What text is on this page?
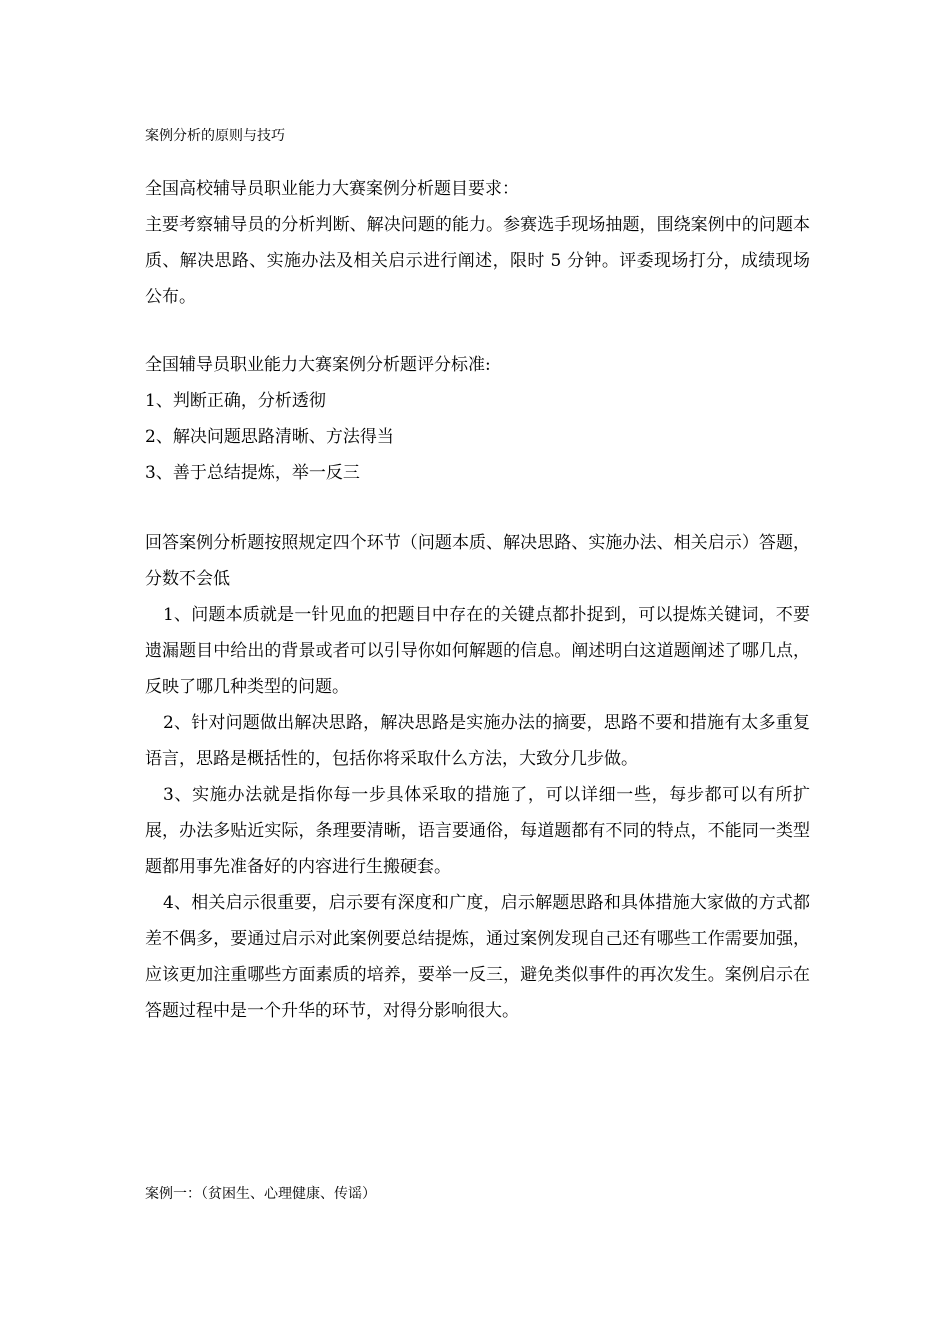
案例分析的原则与技巧

全国高校辅导员职业能力大赛案例分析题目要求：

主要考察辅导员的分析判断、解决问题的能力。参赛选手现场抽题，围绕案例中的问题本质、解决思路、实施办法及相关启示进行阐述，限时 5 分钟。评委现场打分，成绩现场公布。

全国辅导员职业能力大赛案例分析题评分标准:

1、判断正确，分析透彻

2、解决问题思路清晰、方法得当

3、善于总结提炼，举一反三

回答案例分析题按照规定四个环节（问题本质、解决思路、实施办法、相关启示）答题，分数不会低

1、问题本质就是一针见血的把题目中存在的关键点都扑捉到，可以提炼关键词，不要遗漏题目中给出的背景或者可以引导你如何解题的信息。阐述明白这道题阐述了哪几点，反映了哪几种类型的问题。

2、针对问题做出解决思路，解决思路是实施办法的摘要，思路不要和措施有太多重复语言，思路是概括性的，包括你将采取什么方法，大致分几步做。

3、实施办法就是指你每一步具体采取的措施了，可以详细一些，每步都可以有所扩展，办法多贴近实际，条理要清晰，语言要通俗，每道题都有不同的特点，不能同一类型题都用事先准备好的内容进行生搬硬套。

4、相关启示很重要，启示要有深度和广度，启示解题思路和具体措施大家做的方式都差不偶多，要通过启示对此案例要总结提炼，通过案例发现自己还有哪些工作需要加强，应该更加注重哪些方面素质的培养，要举一反三，避免类似事件的再次发生。案例启示在答题过程中是一个升华的环节，对得分影响很大。

案例一：（贫困生、心理健康、传谣）
